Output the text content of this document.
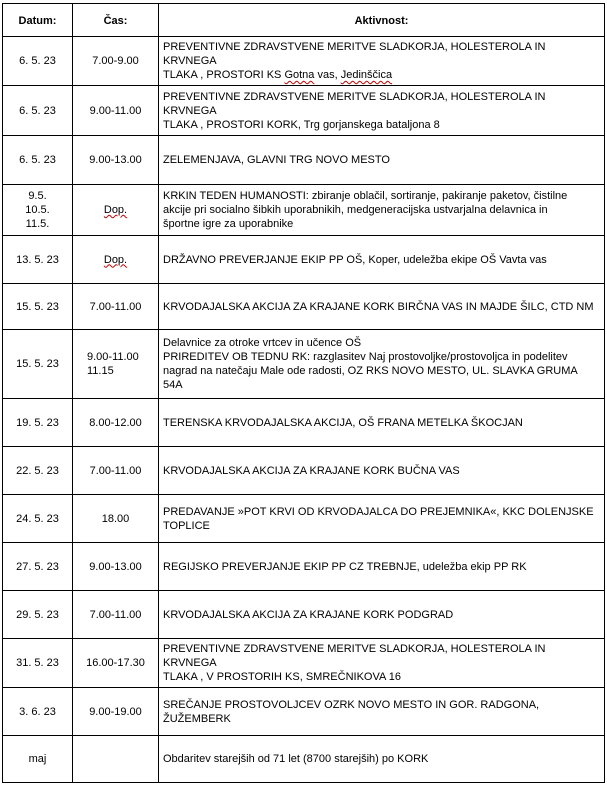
Datum:	Čas:	Aktivnost:

6. 5. 23	7.00-9.00	PREVENTIVNE ZDRAVSTVENE MERITVE SLADKORJA, HOLESTEROLA IN KRVNEGA
TLAKA , PROSTORI KS Gotna vas, Jedinščica

6. 5. 23	9.00-11.00	PREVENTIVNE ZDRAVSTVENE MERITVE SLADKORJA, HOLESTEROLA IN KRVNEGA
TLAKA , PROSTORI KORK, Trg gorjanskega bataljona 8

6. 5. 23	9.00-13.00	ZELEMENJAVA, GLAVNI TRG NOVO MESTO

9.5.
10.5.
11.5.	Dop.	KRKIN TEDEN HUMANOSTI: zbiranje oblačil, sortiranje, pakiranje paketov, čistilne
akcije pri socialno šibkih uporabnikih, medgeneracijska ustvarjalna delavnica in
športne igre za uporabnike

13. 5. 23	Dop.	DRŽAVNO PREVERJANJE EKIP PP OŠ, Koper, udeležba ekipe OŠ Vavta vas

15. 5. 23	7.00-11.00	KRVODAJALSKA AKCIJA ZA KRAJANE KORK BIRČNA VAS IN MAJDE ŠILC, CTD NM

15. 5. 23	9.00-11.00
11.15	Delavnice za otroke vrtcev in učence OŠ
PRIREDITEV OB TEDNU RK: razglasitev Naj prostovoljke/prostovoljca in podelitev
nagrad na natečaju Male ode radosti, OZ RKS NOVO MESTO, UL. SLAVKA GRUMA
54A

19. 5. 23	8.00-12.00	TERENSKA KRVODAJALSKA AKCIJA, OŠ FRANA METELKA ŠKOCJAN

22. 5. 23	7.00-11.00	KRVODAJALSKA AKCIJA ZA KRAJANE KORK BUČNA VAS

24. 5. 23	18.00	PREDAVANJE »POT KRVI OD KRVODAJALCA DO PREJEMNIKA«, KKC DOLENJSKE
TOPLICE

27. 5. 23	9.00-13.00	REGIJSKO PREVERJANJE EKIP PP CZ TREBNJE, udeležba ekip PP RK

29. 5. 23	7.00-11.00	KRVODAJALSKA AKCIJA ZA KRAJANE KORK PODGRAD

31. 5. 23	16.00-17.30	PREVENTIVNE ZDRAVSTVENE MERITVE SLADKORJA, HOLESTEROLA IN KRVNEGA
TLAKA , V PROSTORIH KS, SMREČNIKOVA 16

3. 6. 23	9.00-19.00	SREČANJE PROSTOVOLJCEV OZRK NOVO MESTO IN GOR. RADGONA, ŽUŽEMBERK

maj		Obdaritev starejših od 71 let (8700 starejših) po KORK
